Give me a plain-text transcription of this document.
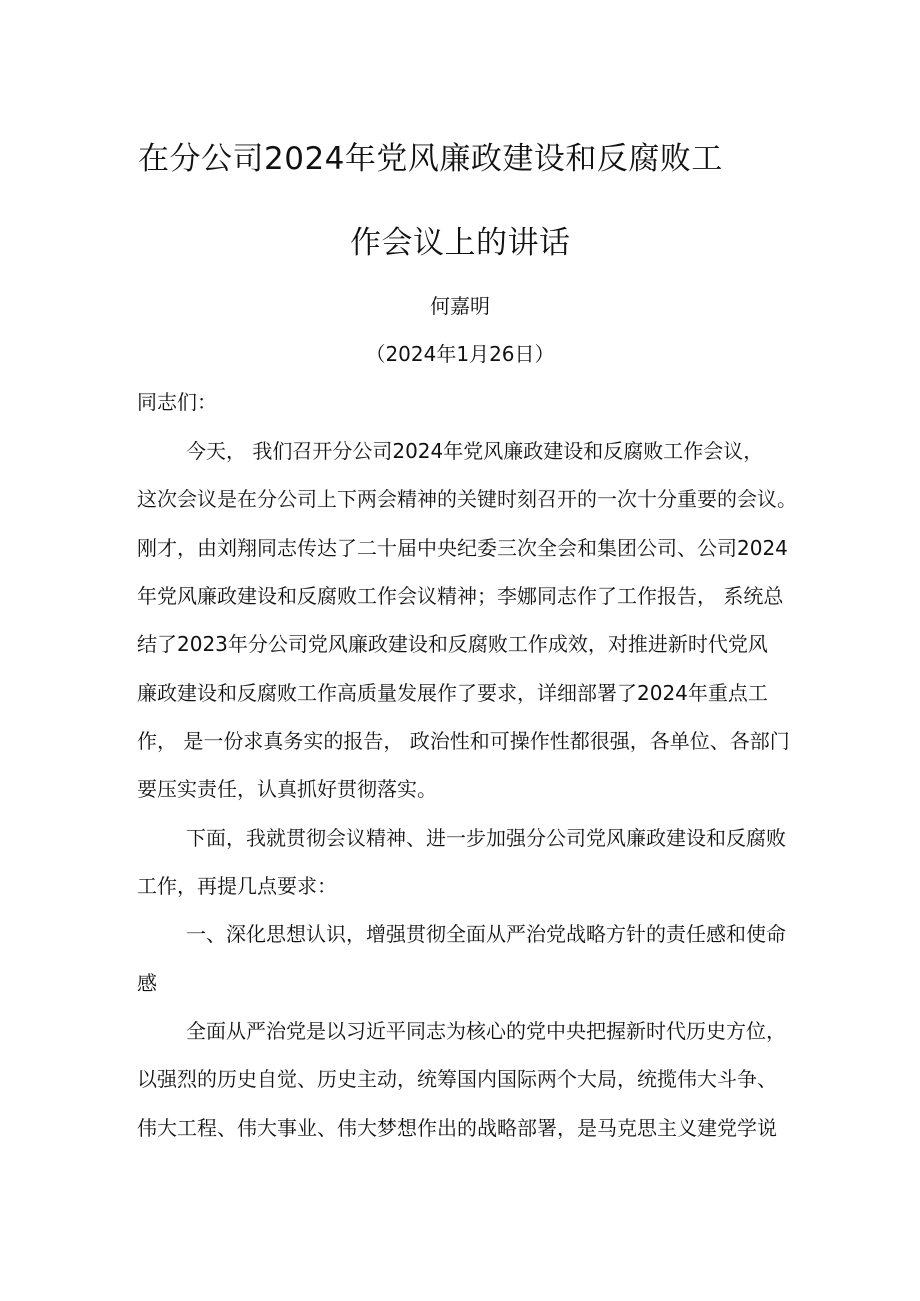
在分公司2024年党风廉政建设和反腐败工
作会议上的讲话
何嘉明
（2024年1月26日）
同志们：
今天， 我们召开分公司2024年党风廉政建设和反腐败工作会议，
这次会议是在分公司上下两会精神的关键时刻召开的一次十分重要的会议。
刚才，由刘翔同志传达了二十届中央纪委三次全会和集团公司、公司2024
年党风廉政建设和反腐败工作会议精神；李娜同志作了工作报告， 系统总
结了2023年分公司党风廉政建设和反腐败工作成效，对推进新时代党风
廉政建设和反腐败工作高质量发展作了要求，详细部署了2024年重点工
作， 是一份求真务实的报告， 政治性和可操作性都很强，各单位、各部门
要压实责任，认真抓好贯彻落实。
下面，我就贯彻会议精神、进一步加强分公司党风廉政建设和反腐败
工作，再提几点要求：
一、深化思想认识，增强贯彻全面从严治党战略方针的责任感和使命
感
全面从严治党是以习近平同志为核心的党中央把握新时代历史方位，
以强烈的历史自觉、历史主动，统筹国内国际两个大局，统揽伟大斗争、
伟大工程、伟大事业、伟大梦想作出的战略部署，是马克思主义建党学说
